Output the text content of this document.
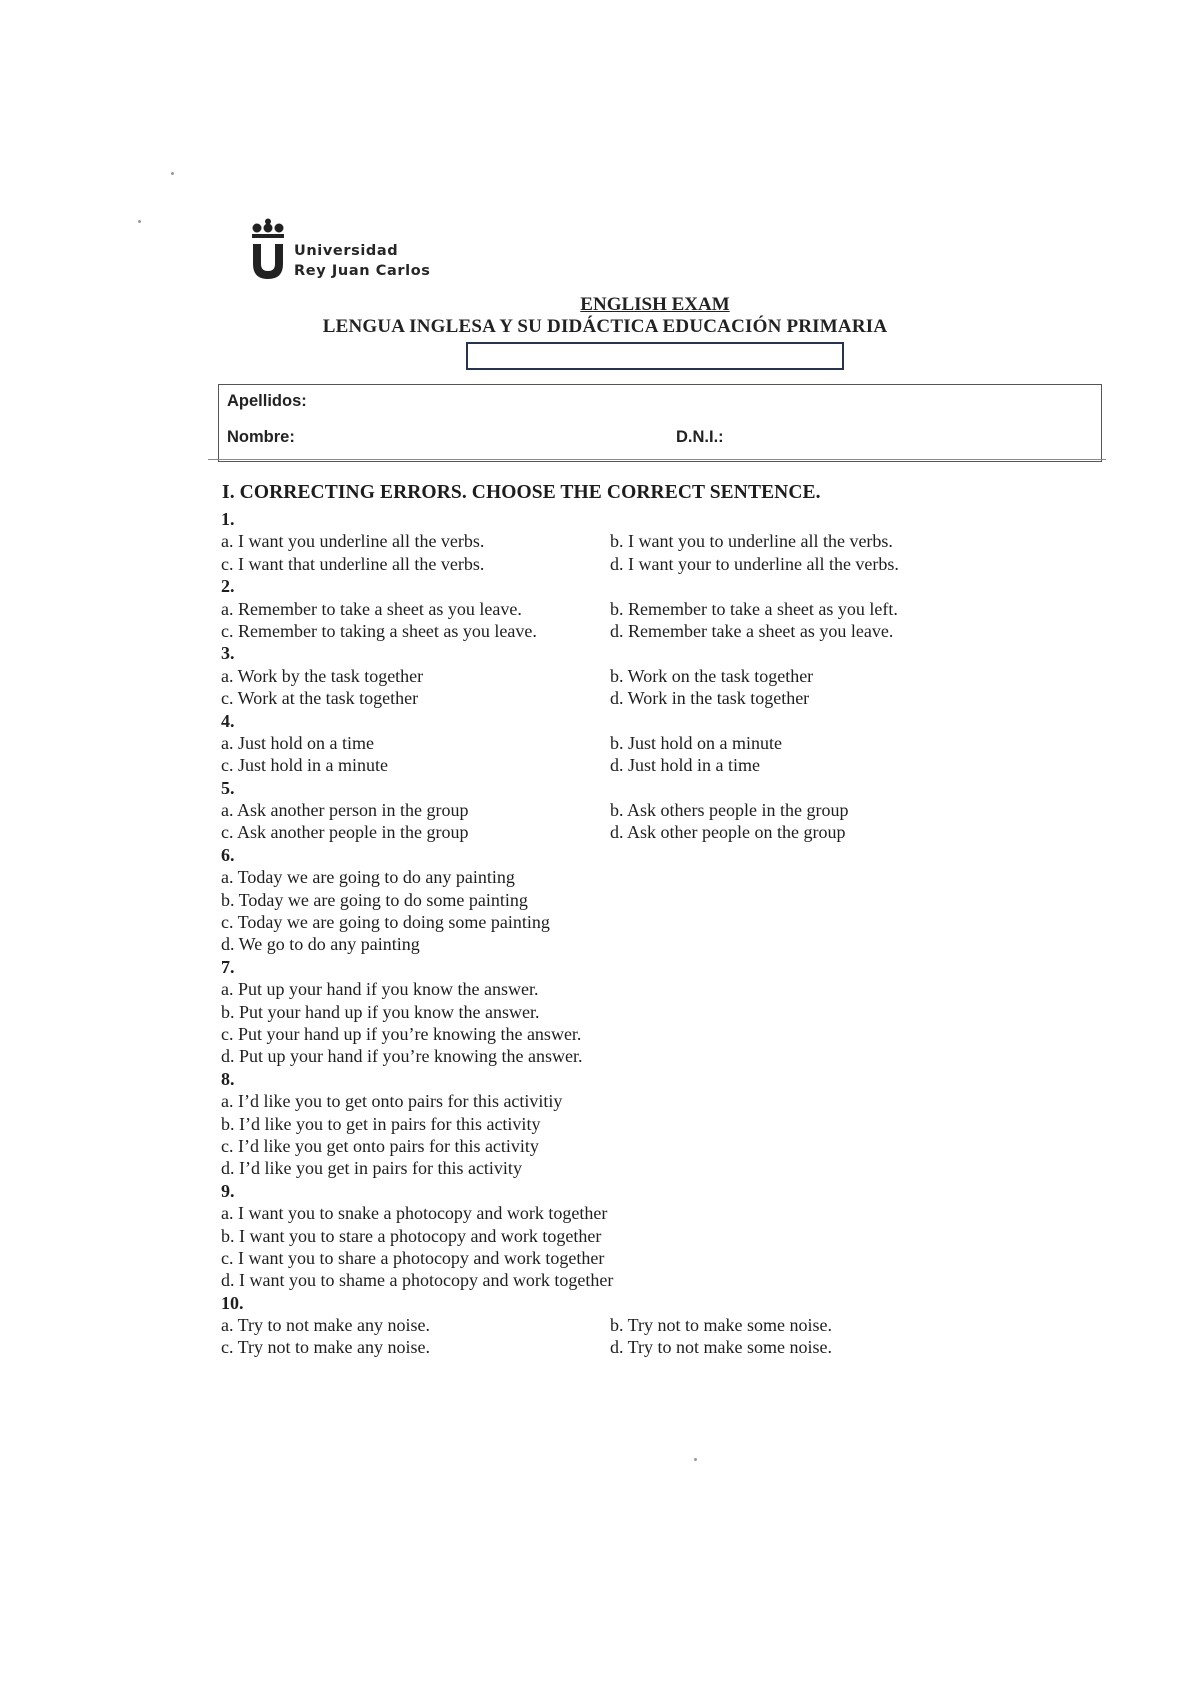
Universidad
Rey Juan Carlos
ENGLISH EXAM
LENGUA INGLESA Y SU DIDÁCTICA EDUCACIÓN PRIMARIA
Apellidos:
Nombre:	D.N.I.:
I. CORRECTING ERRORS. CHOOSE THE CORRECT SENTENCE.
1.
a. I want you underline all the verbs.	b. I want you to underline all the verbs.
c. I want that underline all the verbs.	d. I want your to underline all the verbs.
2.
a. Remember to take a sheet as you leave.	b. Remember to take a sheet as you left.
c. Remember to taking a sheet as you leave.	d. Remember take a sheet as you leave.
3.
a. Work by the task together	b. Work on the task together
c. Work at the task together	d. Work in the task together
4.
a. Just hold on a time	b. Just hold on a minute
c. Just hold in a minute	d. Just hold in a time
5.
a. Ask another person in the group	b. Ask others people in the group
c. Ask another people in the group	d. Ask other people on the group
6.
a. Today we are going to do any painting
b. Today we are going to do some painting
c. Today we are going to doing some painting
d. We go to do any painting
7.
a. Put up your hand if you know the answer.
b. Put your hand up if you know the answer.
c. Put your hand up if you’re knowing the answer.
d. Put up your hand if you’re knowing the answer.
8.
a. I’d like you to get onto pairs for this activitiy
b. I’d like you to get in pairs for this activity
c. I’d like you get onto pairs for this activity
d. I’d like you get in pairs for this activity
9.
a. I want you to snake a photocopy and work together
b. I want you to stare a photocopy and work together
c. I want you to share a photocopy and work together
d. I want you to shame a photocopy and work together
10.
a. Try to not make any noise.	b. Try not to make some noise.
c. Try not to make any noise.	d. Try to not make some noise.
